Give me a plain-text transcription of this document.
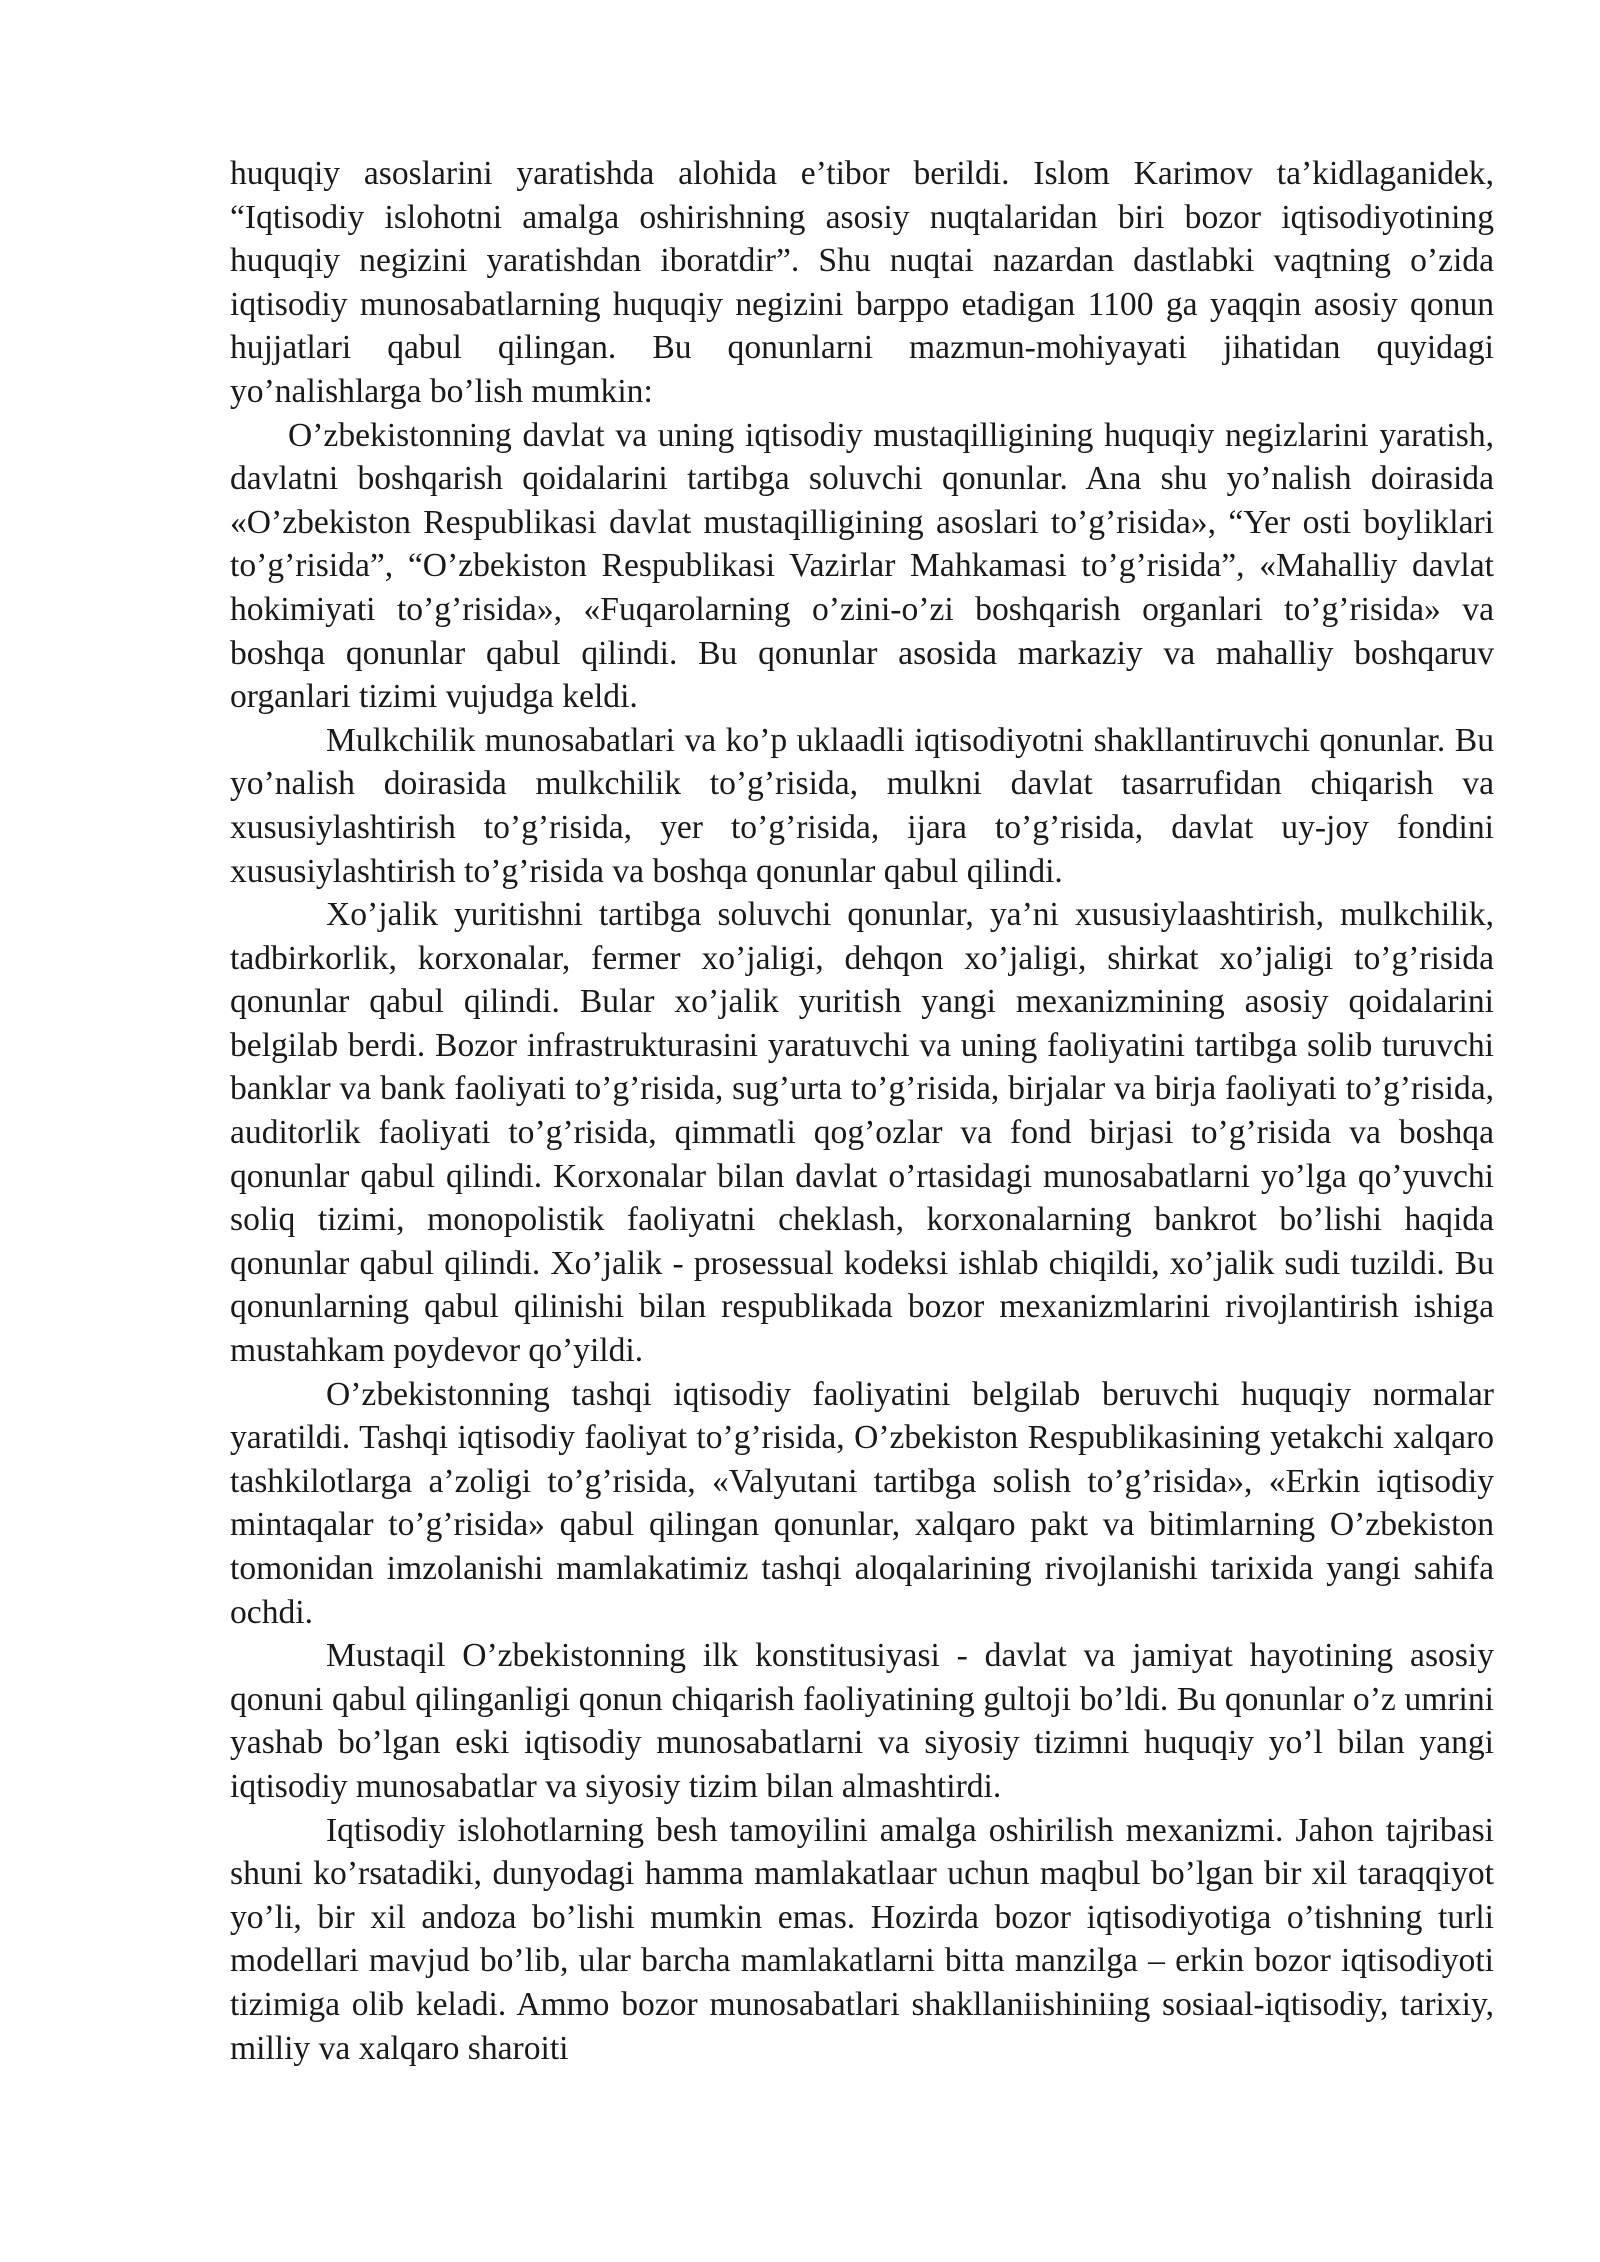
huquqiy asoslarini yaratishda alohida e’tibor berildi. Islom Karimov ta’kidlaganidek, “Iqtisodiy islohotni amalga oshirishning asosiy nuqtalaridan biri bozor iqtisodiyotining huquqiy negizini yaratishdan iboratdir”. Shu nuqtai nazardan dastlabki vaqtning o’zida iqtisodiy munosabatlarning huquqiy negizini barppo etadigan 1100 ga yaqqin asosiy qonun hujjatlari qabul qilingan. Bu qonunlarni mazmun-mohiyayati jihatidan quyidagi yo’nalishlarga bo’lish mumkin:

O’zbekistonning davlat va uning iqtisodiy mustaqilligining huquqiy negizlarini yaratish, davlatni boshqarish qoidalarini tartibga soluvchi qonunlar. Ana shu yo’nalish doirasida «O’zbekiston Respublikasi davlat mustaqilligining asoslari to’g’risida», “Yer osti boyliklari to’g’risida”, “O’zbekiston Respublikasi Vazirlar Mahkamasi to’g’risida”, «Mahalliy davlat hokimiyati to’g’risida», «Fuqarolarning o’zini-o’zi boshqarish organlari to’g’risida» va boshqa qonunlar qabul qilindi. Bu qonunlar asosida markaziy va mahalliy boshqaruv organlari tizimi vujudga keldi.

Mulkchilik munosabatlari va ko’p uklaadli iqtisodiyotni shakllantiruvchi qonunlar. Bu yo’nalish doirasida mulkchilik to’g’risida, mulkni davlat tasarrufidan chiqarish va xususiylashtirish to’g’risida, yer to’g’risida, ijara to’g’risida, davlat uy-joy fondini xususiylashtirish to’g’risida va boshqa qonunlar qabul qilindi.

Xo’jalik yuritishni tartibga soluvchi qonunlar, ya’ni xususiylaashtirish, mulkchilik, tadbirkorlik, korxonalar, fermer xo’jaligi, dehqon xo’jaligi, shirkat xo’jaligi to’g’risida qonunlar qabul qilindi. Bular xo’jalik yuritish yangi mexanizmining asosiy qoidalarini belgilab berdi. Bozor infrastrukturasini yaratuvchi va uning faoliyatini tartibga solib turuvchi banklar va bank faoliyati to’g’risida, sug’urta to’g’risida, birjalar va birja faoliyati to’g’risida, auditorlik faoliyati to’g’risida, qimmatli qog’ozlar va fond birjasi to’g’risida va boshqa qonunlar qabul qilindi. Korxonalar bilan davlat o’rtasidagi munosabatlarni yo’lga qo’yuvchi soliq tizimi, monopolistik faoliyatni cheklash, korxonalarning bankrot bo’lishi haqida qonunlar qabul qilindi. Xo’jalik - prosessual kodeksi ishlab chiqildi, xo’jalik sudi tuzildi. Bu qonunlarning qabul qilinishi bilan respublikada bozor mexanizmlarini rivojlantirish ishiga mustahkam poydevor qo’yildi.

O’zbekistonning tashqi iqtisodiy faoliyatini belgilab beruvchi huquqiy normalar yaratildi. Tashqi iqtisodiy faoliyat to’g’risida, O’zbekiston Respublikasining yetakchi xalqaro tashkilotlarga a’zoligi to’g’risida, «Valyutani tartibga solish to’g’risida», «Erkin iqtisodiy mintaqalar to’g’risida» qabul qilingan qonunlar, xalqaro pakt va bitimlarning O’zbekiston tomonidan imzolanishi mamlakatimiz tashqi aloqalarining rivojlanishi tarixida yangi sahifa ochdi.

Mustaqil O’zbekistonning ilk konstitusiyasi - davlat va jamiyat hayotining asosiy qonuni qabul qilinganligi qonun chiqarish faoliyatining gultoji bo’ldi. Bu qonunlar o’z umrini yashab bo’lgan eski iqtisodiy munosabatlarni va siyosiy tizimni huquqiy yo’l bilan yangi iqtisodiy munosabatlar va siyosiy tizim bilan almashtirdi.

Iqtisodiy islohotlarning besh tamoyilini amalga oshirilish mexanizmi. Jahon tajribasi shuni ko’rsatadiki, dunyodagi hamma mamlakatlaar uchun maqbul bo’lgan bir xil taraqqiyot yo’li, bir xil andoza bo’lishi mumkin emas. Hozirda bozor iqtisodiyotiga o’tishning turli modellari mavjud bo’lib, ular barcha mamlakatlarni bitta manzilga – erkin bozor iqtisodiyoti tizimiga olib keladi. Ammo bozor munosabatlari shakllaniishiniing sosiaal-iqtisodiy, tarixiy, milliy va xalqaro sharoiti
